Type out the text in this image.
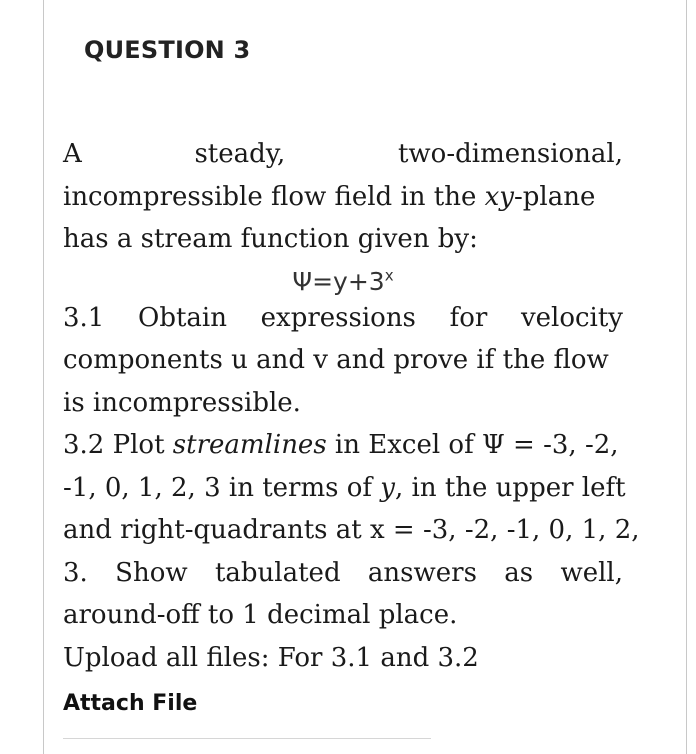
QUESTION 3
A steady, two-dimensional,
incompressible flow field in the xy-plane
has a stream function given by:
$\Psi=y+3^x$
3.1 Obtain expressions for velocity
components u and v and prove if the flow
is incompressible.
3.2 Plot streamlines in Excel of Ψ = -3, -2,
-1, 0, 1, 2, 3 in terms of y, in the upper left
and right-quadrants at x = -3, -2, -1, 0, 1, 2,
3. Show tabulated answers as well,
around-off to 1 decimal place.
Upload all files: For 3.1 and 3.2
Attach File
